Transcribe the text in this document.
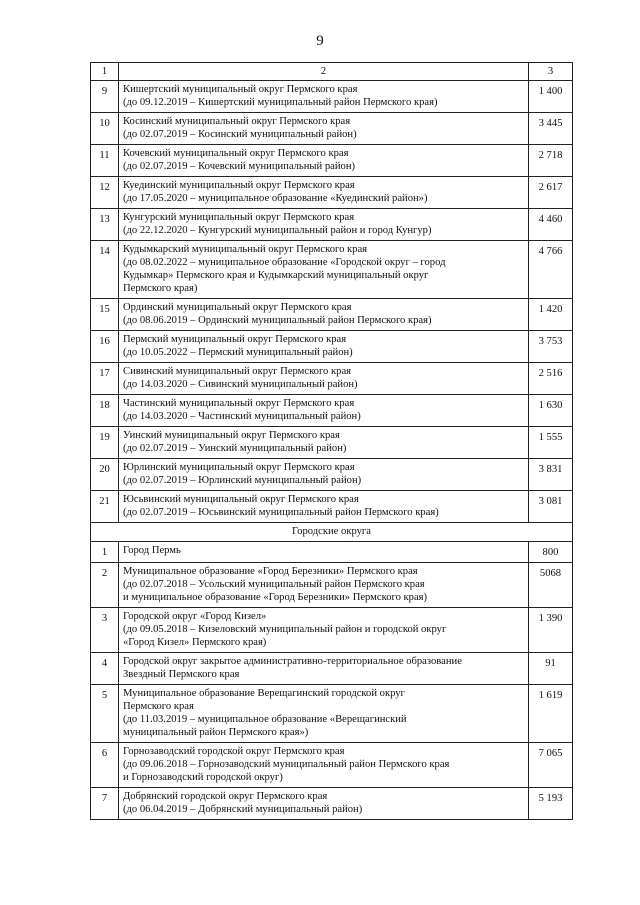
9
1	2	3
9	Кишертский муниципальный округ Пермского края
(до 09.12.2019 – Кишертский муниципальный район Пермского края)	1 400
10	Косинский муниципальный округ Пермского края
(до 02.07.2019 – Косинский муниципальный район)	3 445
11	Кочевский муниципальный округ Пермского края
(до 02.07.2019 – Кочевский муниципальный район)	2 718
12	Куединский муниципальный округ Пермского края
(до 17.05.2020 – муниципальное образование «Куединский район»)	2 617
13	Кунгурский муниципальный округ Пермского края
(до 22.12.2020 – Кунгурский муниципальный район и город Кунгур)	4 460
14	Кудымкарский муниципальный округ Пермского края
(до 08.02.2022 – муниципальное образование «Городской округ – город
Кудымкар» Пермского края и Кудымкарский муниципальный округ
Пермского края)	4 766
15	Ординский муниципальный округ Пермского края
(до 08.06.2019 – Ординский муниципальный район Пермского края)	1 420
16	Пермский муниципальный округ Пермского края
(до 10.05.2022 – Пермский муниципальный район)	3 753
17	Сивинский муниципальный округ Пермского края
(до 14.03.2020 – Сивинский муниципальный район)	2 516
18	Частинский муниципальный округ Пермского края
(до 14.03.2020 – Частинский муниципальный район)	1 630
19	Уинский муниципальный округ Пермского края
(до 02.07.2019 – Уинский муниципальный район)	1 555
20	Юрлинский муниципальный округ Пермского края
(до 02.07.2019 – Юрлинский муниципальный район)	3 831
21	Юсьвинский муниципальный округ Пермского края
(до 02.07.2019 – Юсьвинский муниципальный район Пермского края)	3 081
Городские округа		
1	Город Пермь	800
2	Муниципальное образование «Город Березники» Пермского края
(до 02.07.2018 – Усольский муниципальный район Пермского края
и муниципальное образование «Город Березники» Пермского края)	5068
3	Городской округ «Город Кизел»
(до 09.05.2018 – Кизеловский муниципальный район и городской округ
«Город Кизел» Пермского края)	1 390
4	Городской округ закрытое административно-территориальное образование
Звездный Пермского края	91
5	Муниципальное образование Верещагинский городской округ
Пермского края
(до 11.03.2019 – муниципальное образование «Верещагинский
муниципальный район Пермского края»)	1 619
6	Горнозаводский городской округ Пермского края
(до 09.06.2018 – Горнозаводский муниципальный район Пермского края
и Горнозаводский городской округ)	7 065
7	Добрянский городской округ Пермского края
(до 06.04.2019 – Добрянский муниципальный район)	5 193
